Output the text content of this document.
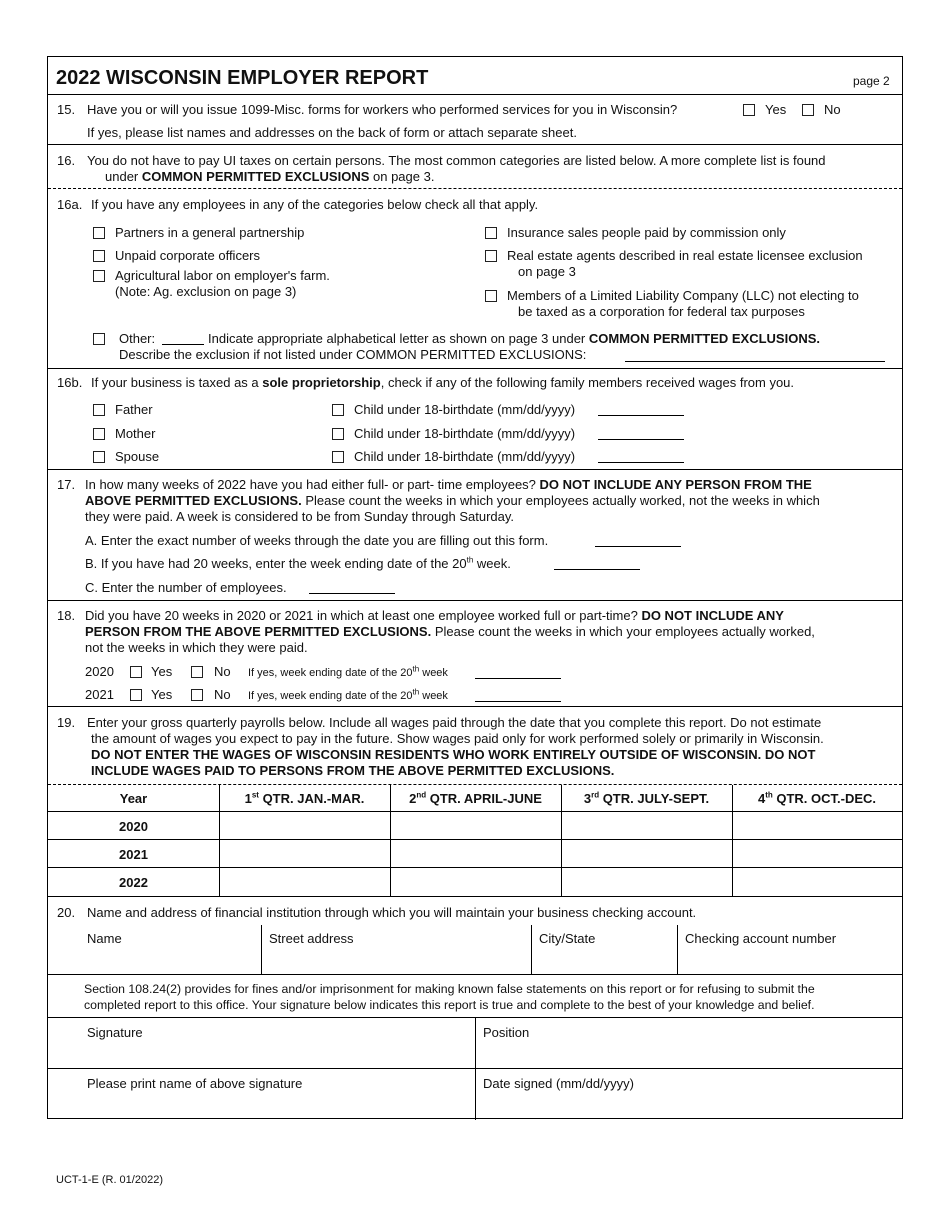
2022 WISCONSIN EMPLOYER REPORT	page 2
15. Have you or will you issue 1099-Misc. forms for workers who performed services for you in Wisconsin?	Yes	No
If yes, please list names and addresses on the back of form or attach separate sheet.
16. You do not have to pay UI taxes on certain persons. The most common categories are listed below. A more complete list is found
under COMMON PERMITTED EXCLUSIONS on page 3.
16a. If you have any employees in any of the categories below check all that apply.
Partners in a general partnership
Unpaid corporate officers
Agricultural labor on employer's farm.
(Note: Ag. exclusion on page 3)
Insurance sales people paid by commission only
Real estate agents described in real estate licensee exclusion
on page 3
Members of a Limited Liability Company (LLC) not electing to
be taxed as a corporation for federal tax purposes
Other:	Indicate appropriate alphabetical letter as shown on page 3 under COMMON PERMITTED EXCLUSIONS.
Describe the exclusion if not listed under COMMON PERMITTED EXCLUSIONS:
16b. If your business is taxed as a sole proprietorship, check if any of the following family members received wages from you.
Father
Mother
Spouse
Child under 18-birthdate (mm/dd/yyyy)
Child under 18-birthdate (mm/dd/yyyy)
Child under 18-birthdate (mm/dd/yyyy)
17. In how many weeks of 2022 have you had either full- or part- time employees? DO NOT INCLUDE ANY PERSON FROM THE
ABOVE PERMITTED EXCLUSIONS. Please count the weeks in which your employees actually worked, not the weeks in which
they were paid. A week is considered to be from Sunday through Saturday.
A. Enter the exact number of weeks through the date you are filling out this form.
B. If you have had 20 weeks, enter the week ending date of the 20th week.
C. Enter the number of employees.
18. Did you have 20 weeks in 2020 or 2021 in which at least one employee worked full or part-time? DO NOT INCLUDE ANY
PERSON FROM THE ABOVE PERMITTED EXCLUSIONS. Please count the weeks in which your employees actually worked,
not the weeks in which they were paid.
2020	Yes	No If yes, week ending date of the 20th week
2021	Yes	No If yes, week ending date of the 20th week
19. Enter your gross quarterly payrolls below. Include all wages paid through the date that you complete this report. Do not estimate
the amount of wages you expect to pay in the future. Show wages paid only for work performed solely or primarily in Wisconsin.
DO NOT ENTER THE WAGES OF WISCONSIN RESIDENTS WHO WORK ENTIRELY OUTSIDE OF WISCONSIN. DO NOT
INCLUDE WAGES PAID TO PERSONS FROM THE ABOVE PERMITTED EXCLUSIONS.
Year	1st QTR. JAN.-MAR.	2nd QTR. APRIL-JUNE	3rd QTR. JULY-SEPT.	4th QTR. OCT.-DEC.
2020
2021
2022
20. Name and address of financial institution through which you will maintain your business checking account.
Name	Street address	City/State	Checking account number
Section 108.24(2) provides for fines and/or imprisonment for making known false statements on this report or for refusing to submit the
completed report to this office. Your signature below indicates this report is true and complete to the best of your knowledge and belief.
Signature	Position
Please print name of above signature	Date signed (mm/dd/yyyy)
UCT-1-E (R. 01/2022)
